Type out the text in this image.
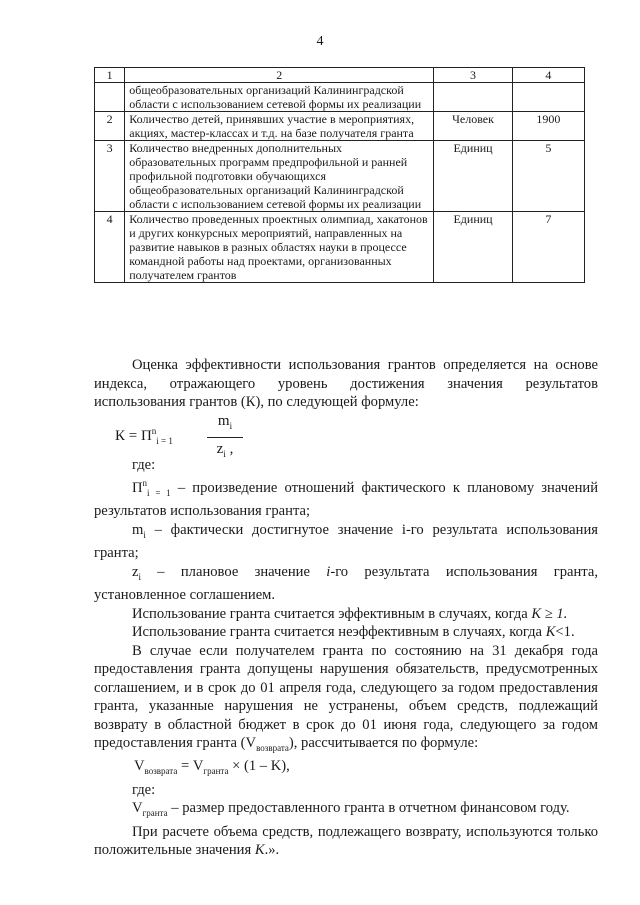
4
1	2	3	4
	общеобразовательных организаций Калининградской области с использованием сетевой формы их реализации		
2	Количество детей, принявших участие в мероприятиях, акциях, мастер-классах и т.д. на базе получателя гранта	Человек	1900
3	Количество внедренных дополнительных образовательных программ предпрофильной и ранней профильной подготовки обучающихся общеобразовательных организаций Калининградской области с использованием сетевой формы их реализации	Единиц	5
4	Количество проведенных проектных олимпиад, хакатонов и других конкурсных мероприятий, направленных на развитие навыков в разных областях науки в процессе командной работы над проектами, организованных получателем грантов	Единиц	7

Оценка эффективности использования грантов определяется на основе индекса, отражающего уровень достижения значения результатов использования грантов (К), по следующей формуле:

$К = П^n_{i = 1} \frac{m_i}{z_i ,}$

где:

$П^n_{i = 1}$ – произведение отношений фактического к плановому значений результатов использования гранта;

$m_i$ – фактически достигнутое значение i-го результата использования гранта;

$z_i$ – плановое значение i-го результата использования гранта, установленное соглашением.

Использование гранта считается эффективным в случаях, когда K ≥ 1.

Использование гранта считается неэффективным в случаях, когда K<1.

В случае если получателем гранта по состоянию на 31 декабря года предоставления гранта допущены нарушения обязательств, предусмотренных соглашением, и в срок до 01 апреля года, следующего за годом предоставления гранта, указанные нарушения не устранены, объем средств, подлежащий возврату в областной бюджет в срок до 01 июня года, следующего за годом предоставления гранта $(V_{возврата})$, рассчитывается по формуле:

$V_{возврата} = V_{гранта} \times (1 - K)$,

где:

$V_{гранта}$ – размер предоставленного гранта в отчетном финансовом году.

При расчете объема средств, подлежащего возврату, используются только положительные значения K.».
